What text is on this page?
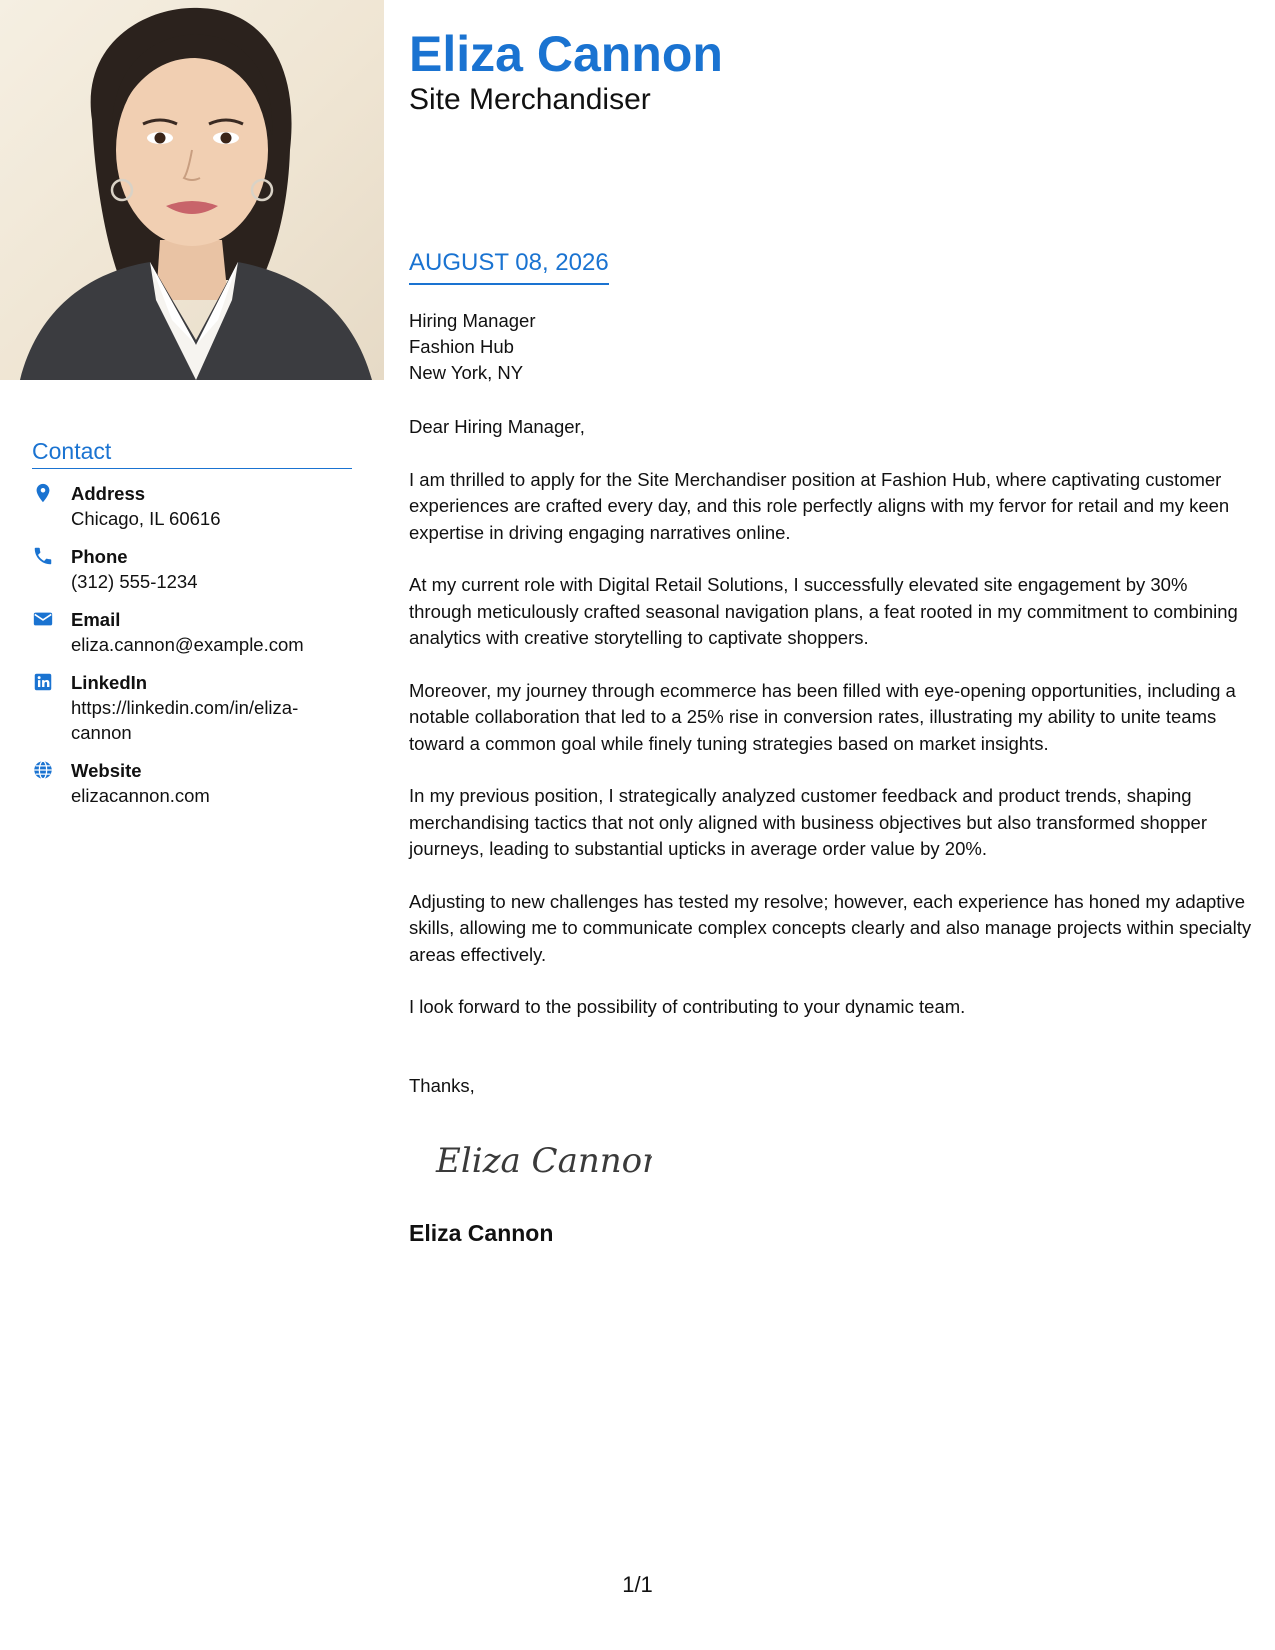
Eliza Cannon
Site Merchandiser
Contact
Address
Chicago, IL 60616
Phone
(312) 555-1234
Email
eliza.cannon@example.com
LinkedIn
https://linkedin.com/in/eliza-cannon
Website
elizacannon.com
AUGUST 08, 2026
Hiring Manager
Fashion Hub
New York, NY

Dear Hiring Manager,

I am thrilled to apply for the Site Merchandiser position at Fashion Hub, where captivating customer experiences are crafted every day, and this role perfectly aligns with my fervor for retail and my keen expertise in driving engaging narratives online.

At my current role with Digital Retail Solutions, I successfully elevated site engagement by 30% through meticulously crafted seasonal navigation plans, a feat rooted in my commitment to combining analytics with creative storytelling to captivate shoppers.

Moreover, my journey through ecommerce has been filled with eye-opening opportunities, including a notable collaboration that led to a 25% rise in conversion rates, illustrating my ability to unite teams toward a common goal while finely tuning strategies based on market insights.

In my previous position, I strategically analyzed customer feedback and product trends, shaping merchandising tactics that not only aligned with business objectives but also transformed shopper journeys, leading to substantial upticks in average order value by 20%.

Adjusting to new challenges has tested my resolve; however, each experience has honed my adaptive skills, allowing me to communicate complex concepts clearly and also manage projects within specialty areas effectively.

I look forward to the possibility of contributing to your dynamic team.

Thanks,
Eliza Cannon
Eliza Cannon
1/1
